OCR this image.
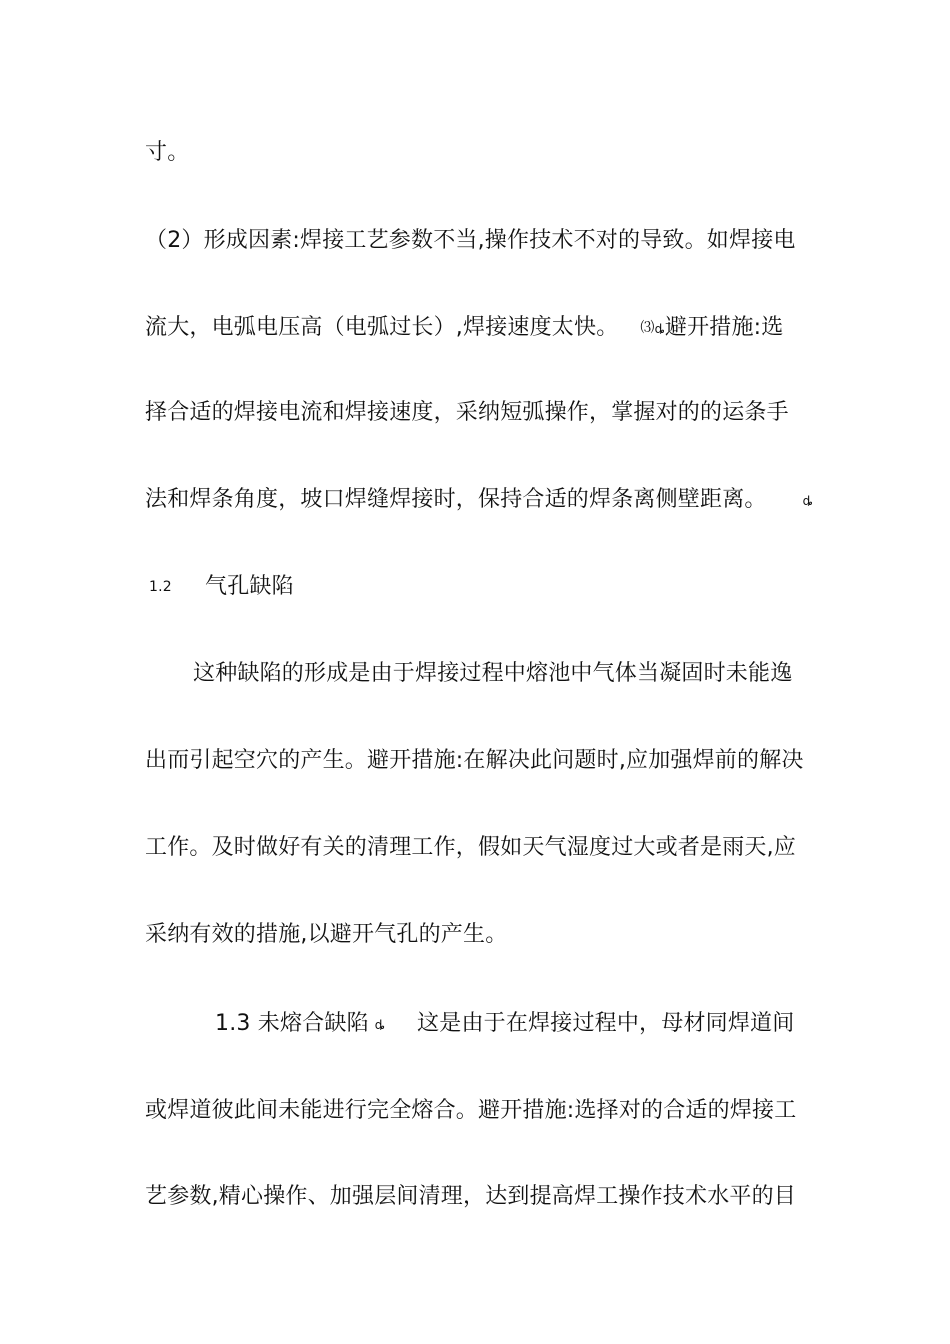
寸。
（2）形成因素:焊接工艺参数不当,操作技术不对的导致。如焊接电
流大，电弧电压高（电弧过长）,焊接速度太快。 ⑶ȡ避开措施:选
择合适的焊接电流和焊接速度，采纳短弧操作，掌握对的的运条手
法和焊条角度，坡口焊缝焊接时，保持合适的焊条离侧壁距离。	ȡ
1.2 气孔缺陷
这种缺陷的形成是由于焊接过程中熔池中气体当凝固时未能逸
出而引起空穴的产生。避开措施:在解决此问题时,应加强焊前的解决
工作。及时做好有关的清理工作，假如天气湿度过大或者是雨天,应
采纳有效的措施,以避开气孔的产生。
1.3 未熔合缺陷 ȡ 这是由于在焊接过程中，母材同焊道间
或焊道彼此间未能进行完全熔合。避开措施:选择对的合适的焊接工
艺参数,精心操作、加强层间清理，达到提高焊工操作技术水平的目
